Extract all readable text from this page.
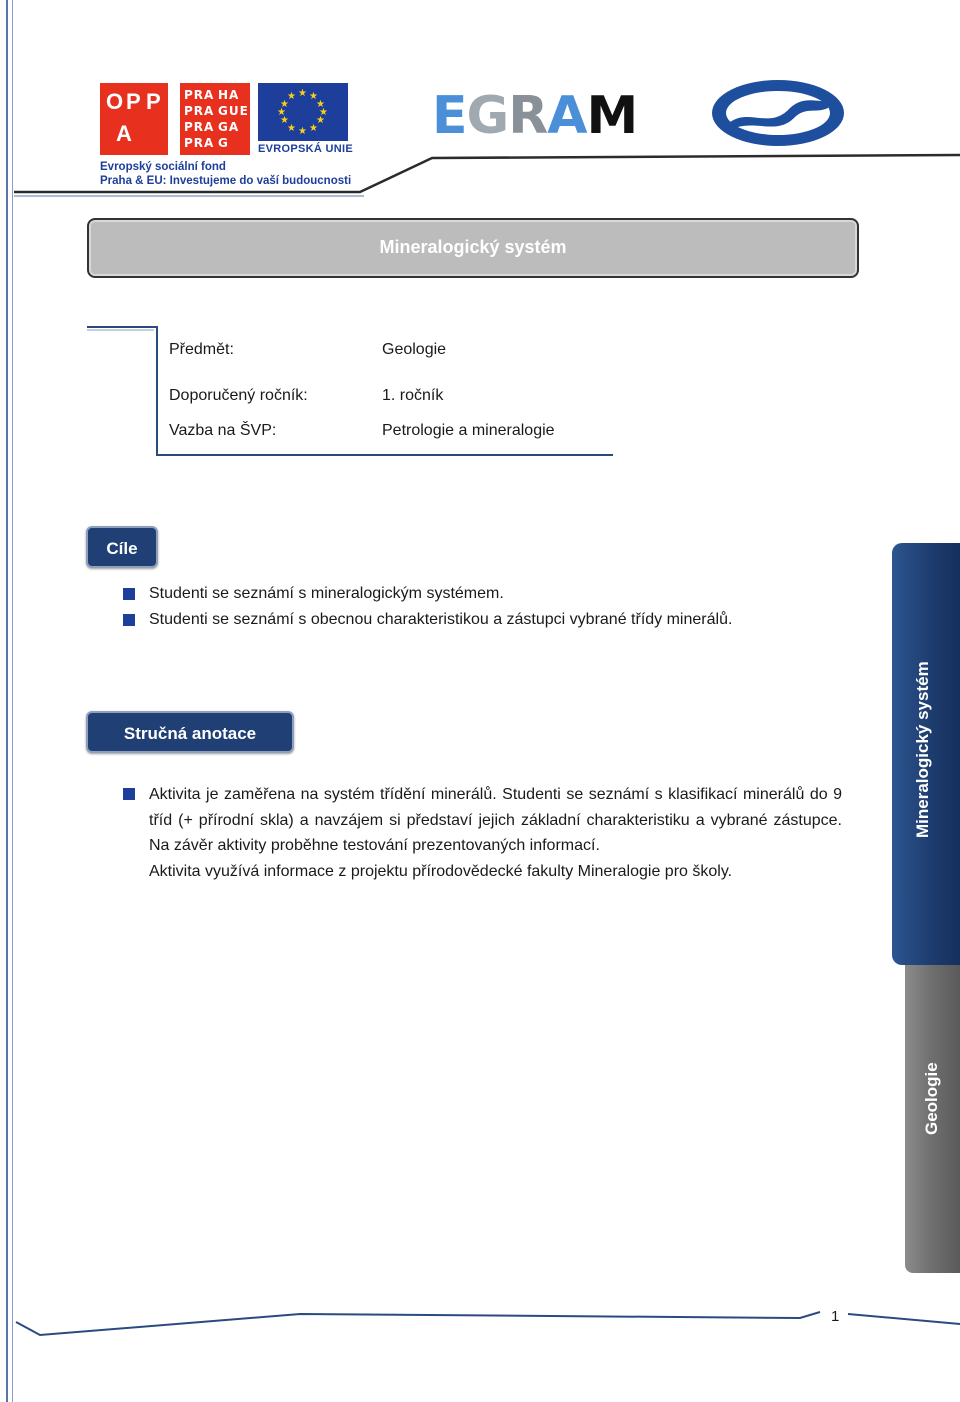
O P P
A
PRA HA
PRA GUE
PRA GA
PRA G
★ ★
★
★
★
★
★
★
★
★
★
★
EVROPSKÁ UNIE
Evropský sociální fond
Praha & EU: Investujeme do vaší budoucnosti
EGRAM
Mineralogický systém
Předmět:	Geologie
Doporučený ročník:	1. ročník
Vazba na ŠVP:	Petrologie a mineralogie
Cíle
Studenti se seznámí s mineralogickým systémem.
Studenti se seznámí s obecnou charakteristikou a zástupci vybrané třídy minerálů.
Stručná anotace
Aktivita je zaměřena na systém třídění minerálů. Studenti se seznámí s klasifikací minerálů do 9 tříd (+ přírodní skla) a navzájem si představí jejich základní charakteristiku a vybrané zástupce. Na závěr aktivity proběhne testování prezentovaných informací.
Aktivita využívá informace z projektu přírodovědecké fakulty Mineralogie pro školy.
Mineralogický systém
Geologie
1
